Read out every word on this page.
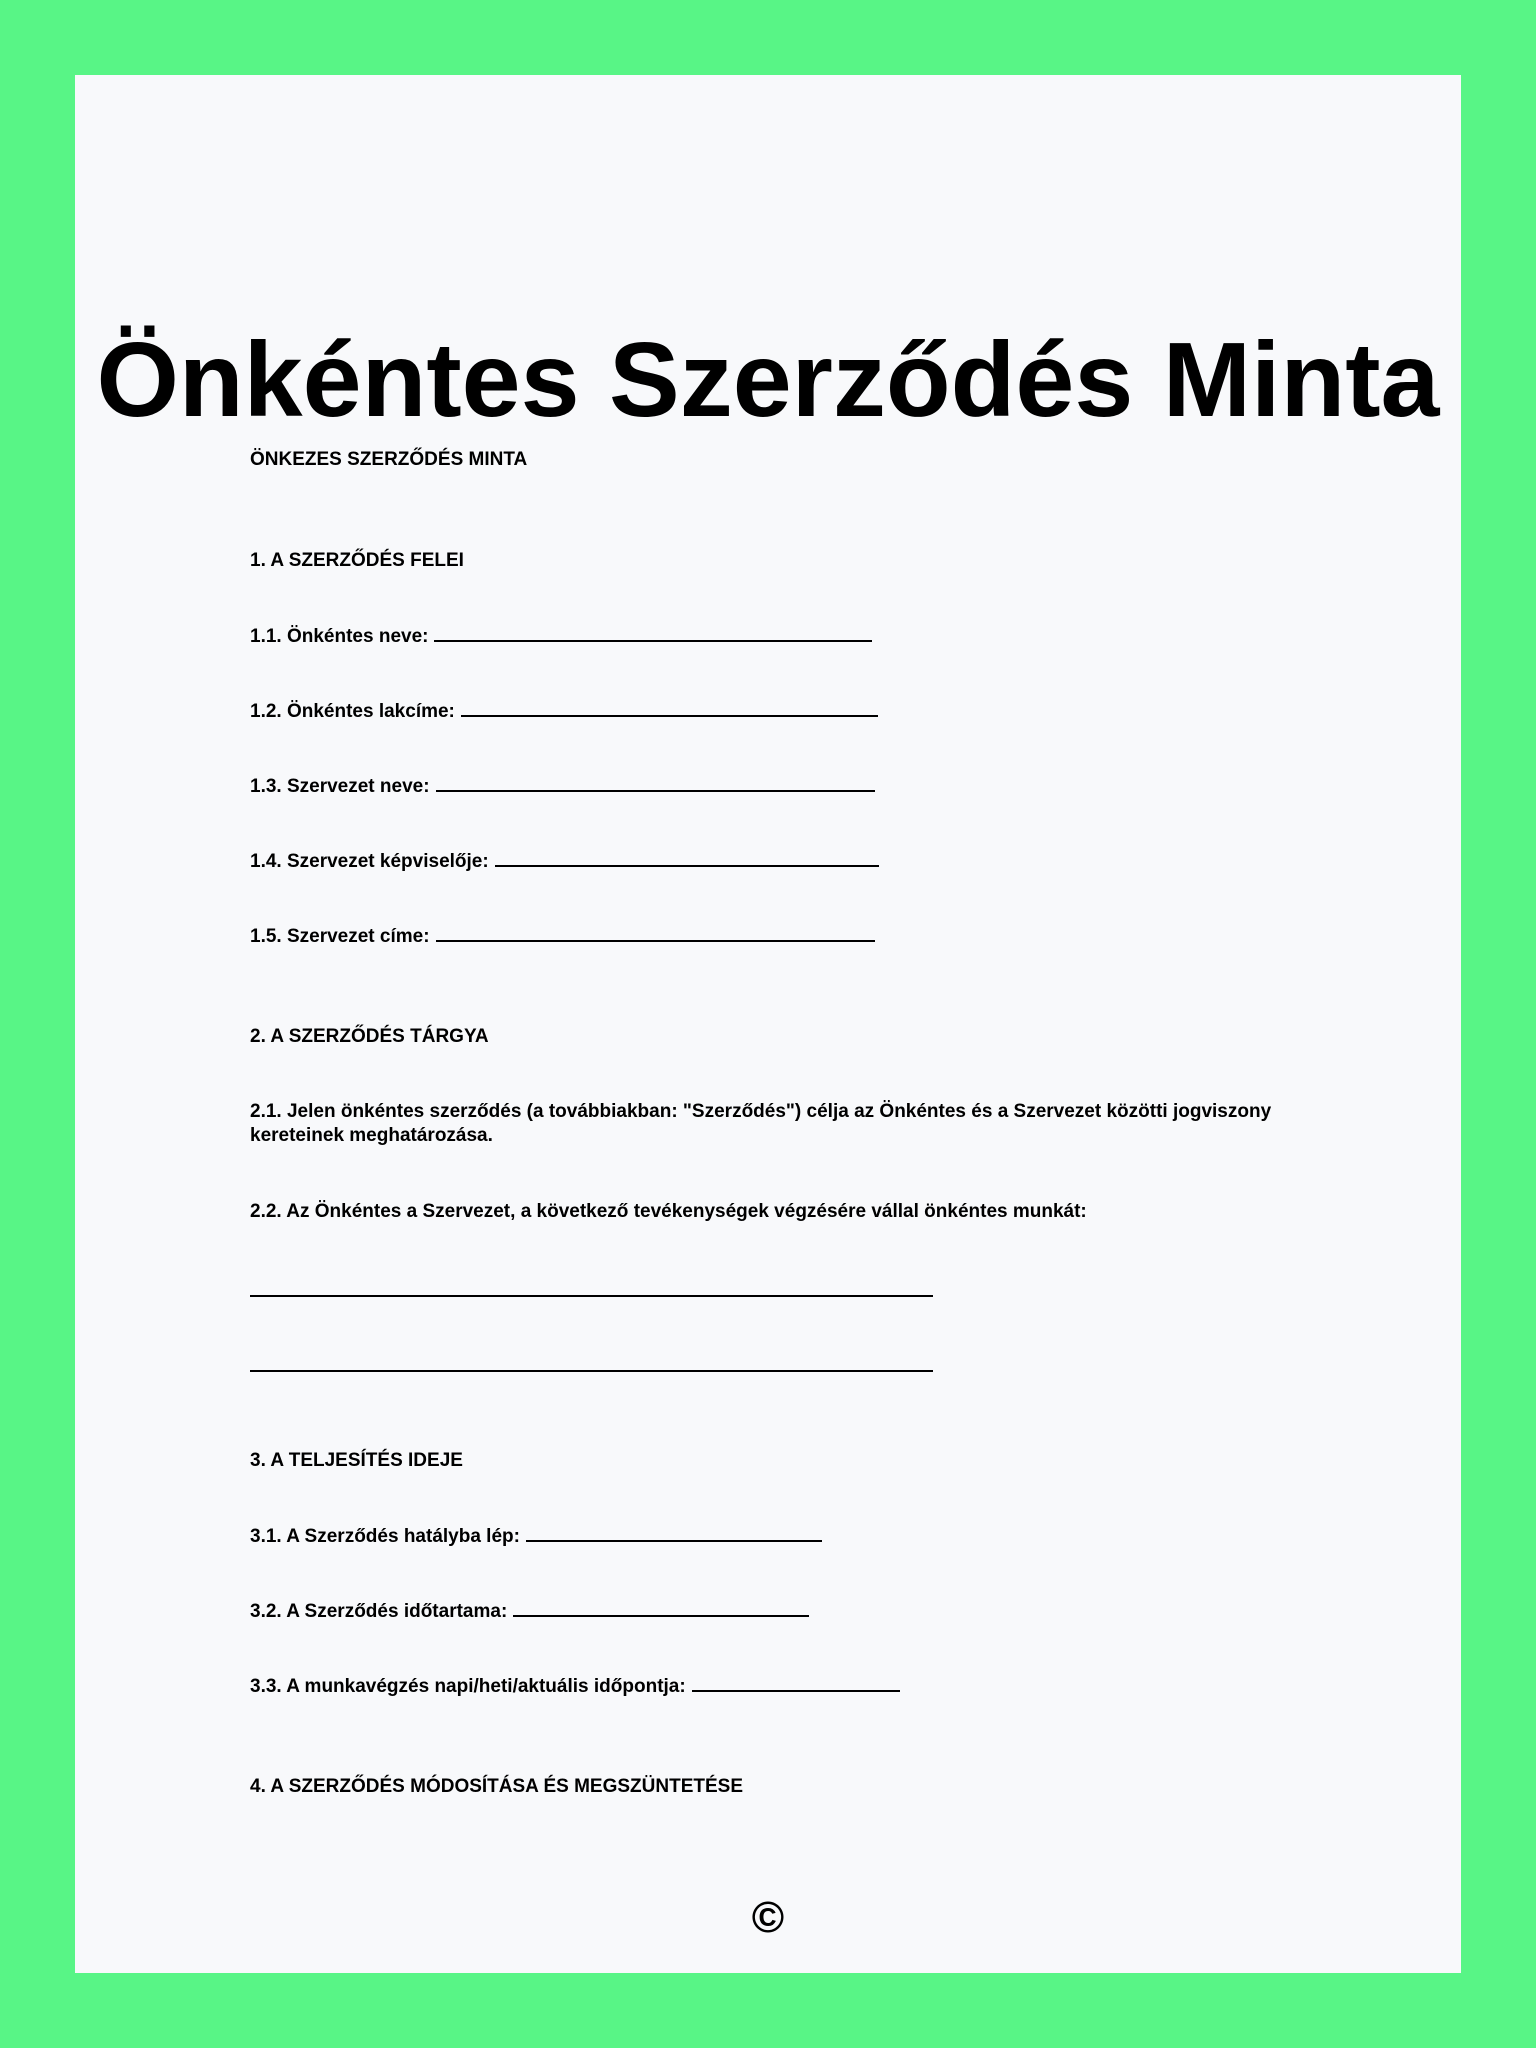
Önkéntes Szerződés Minta
ÖNKEZES SZERZŐDÉS MINTA
1. A SZERZŐDÉS FELEI
1.1. Önkéntes neve:
1.2. Önkéntes lakcíme:
1.3. Szervezet neve:
1.4. Szervezet képviselője:
1.5. Szervezet címe:
2. A SZERZŐDÉS TÁRGYA
2.1. Jelen önkéntes szerződés (a továbbiakban: "Szerződés") célja az Önkéntes és a Szervezet közötti jogviszony kereteinek meghatározása.
2.2. Az Önkéntes a Szervezet, a következő tevékenységek végzésére vállal önkéntes munkát:
3. A TELJESÍTÉS IDEJE
3.1. A Szerződés hatályba lép:
3.2. A Szerződés időtartama:
3.3. A munkavégzés napi/heti/aktuális időpontja:
4. A SZERZŐDÉS MÓDOSÍTÁSA ÉS MEGSZÜNTETÉSE
©
